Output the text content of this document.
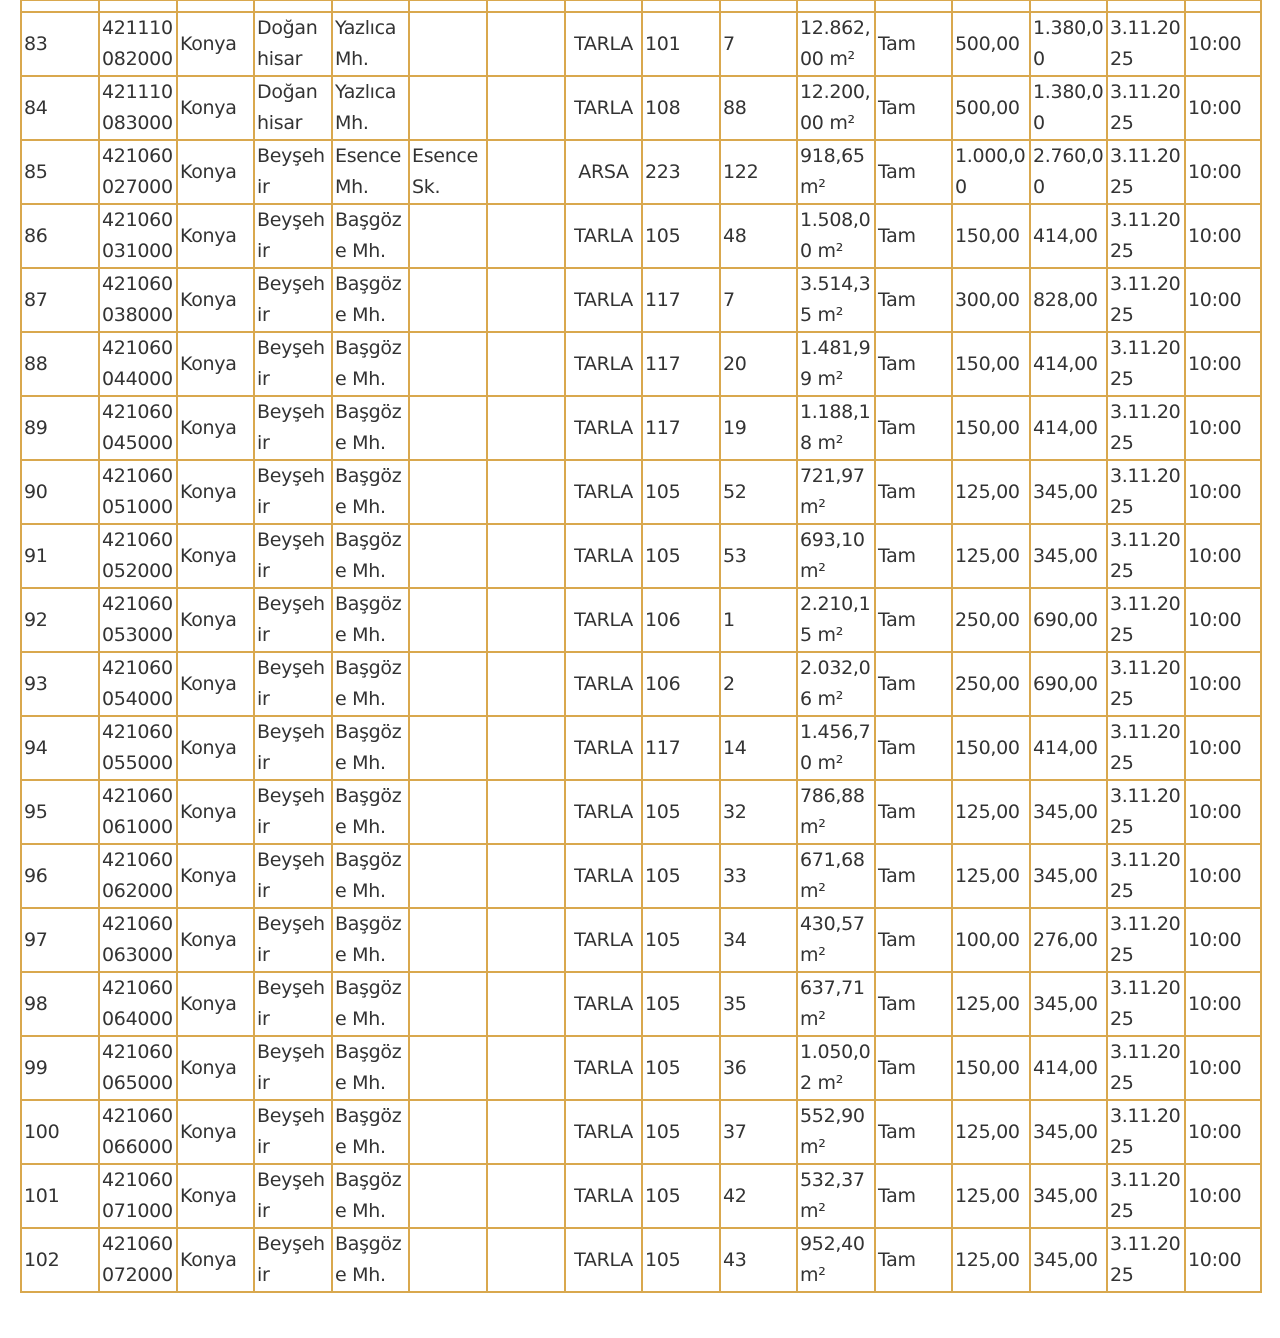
83	421110082000	Konya	Doğanhisar	Yazlıca Mh.			TARLA	101	7	12.862,00 m²	Tam	500,00	1.380,00	3.11.2025	10:00
84	421110083000	Konya	Doğanhisar	Yazlıca Mh.			TARLA	108	88	12.200,00 m²	Tam	500,00	1.380,00	3.11.2025	10:00
85	421060027000	Konya	Beyşehir	Esence Mh.	Esence Sk.		ARSA	223	122	918,65 m²	Tam	1.000,00	2.760,00	3.11.2025	10:00
86	421060031000	Konya	Beyşehir	Başgöze Mh.			TARLA	105	48	1.508,00 m²	Tam	150,00	414,00	3.11.2025	10:00
87	421060038000	Konya	Beyşehir	Başgöze Mh.			TARLA	117	7	3.514,35 m²	Tam	300,00	828,00	3.11.2025	10:00
88	421060044000	Konya	Beyşehir	Başgöze Mh.			TARLA	117	20	1.481,99 m²	Tam	150,00	414,00	3.11.2025	10:00
89	421060045000	Konya	Beyşehir	Başgöze Mh.			TARLA	117	19	1.188,18 m²	Tam	150,00	414,00	3.11.2025	10:00
90	421060051000	Konya	Beyşehir	Başgöze Mh.			TARLA	105	52	721,97 m²	Tam	125,00	345,00	3.11.2025	10:00
91	421060052000	Konya	Beyşehir	Başgöze Mh.			TARLA	105	53	693,10 m²	Tam	125,00	345,00	3.11.2025	10:00
92	421060053000	Konya	Beyşehir	Başgöze Mh.			TARLA	106	1	2.210,15 m²	Tam	250,00	690,00	3.11.2025	10:00
93	421060054000	Konya	Beyşehir	Başgöze Mh.			TARLA	106	2	2.032,06 m²	Tam	250,00	690,00	3.11.2025	10:00
94	421060055000	Konya	Beyşehir	Başgöze Mh.			TARLA	117	14	1.456,70 m²	Tam	150,00	414,00	3.11.2025	10:00
95	421060061000	Konya	Beyşehir	Başgöze Mh.			TARLA	105	32	786,88 m²	Tam	125,00	345,00	3.11.2025	10:00
96	421060062000	Konya	Beyşehir	Başgöze Mh.			TARLA	105	33	671,68 m²	Tam	125,00	345,00	3.11.2025	10:00
97	421060063000	Konya	Beyşehir	Başgöze Mh.			TARLA	105	34	430,57 m²	Tam	100,00	276,00	3.11.2025	10:00
98	421060064000	Konya	Beyşehir	Başgöze Mh.			TARLA	105	35	637,71 m²	Tam	125,00	345,00	3.11.2025	10:00
99	421060065000	Konya	Beyşehir	Başgöze Mh.			TARLA	105	36	1.050,02 m²	Tam	150,00	414,00	3.11.2025	10:00
100	421060066000	Konya	Beyşehir	Başgöze Mh.			TARLA	105	37	552,90 m²	Tam	125,00	345,00	3.11.2025	10:00
101	421060071000	Konya	Beyşehir	Başgöze Mh.			TARLA	105	42	532,37 m²	Tam	125,00	345,00	3.11.2025	10:00
102	421060072000	Konya	Beyşehir	Başgöze Mh.			TARLA	105	43	952,40 m²	Tam	125,00	345,00	3.11.2025	10:00
